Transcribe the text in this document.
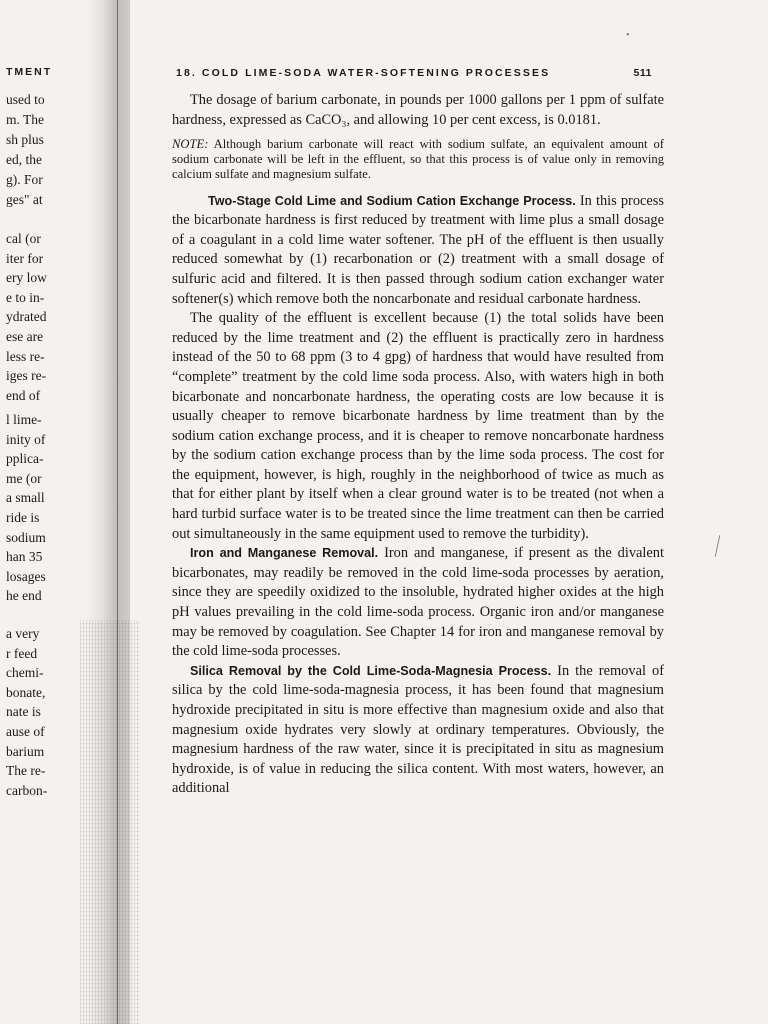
TMENT
used to
m. The
sh plus
ed, the
g). For
ges" at
cal (or
iter for
ery low
e to in-
ydrated
ese are
less re-
iges re-
end of
l lime-
inity of
pplica-
me (or
a small
ride is
sodium
han 35
losages
he end
a very
r feed
chemi-
bonate,
nate is
ause of
barium
The re-
carbon-
•
18. COLD LIME-SODA WATER-SOFTENING PROCESSES	511

The dosage of barium carbonate, in pounds per 1000 gallons per 1 ppm of sulfate hardness, expressed as CaCO₃, and allowing 10 per cent excess, is 0.0181.

NOTE: Although barium carbonate will react with sodium sulfate, an equivalent amount of sodium carbonate will be left in the effluent, so that this process is of value only in removing calcium sulfate and magnesium sulfate.

Two-Stage Cold Lime and Sodium Cation Exchange Process. In this process the bicarbonate hardness is first reduced by treatment with lime plus a small dosage of a coagulant in a cold lime water softener. The pH of the effluent is then usually reduced somewhat by (1) recarbonation or (2) treatment with a small dosage of sulfuric acid and filtered. It is then passed through sodium cation exchanger water softener(s) which remove both the noncarbonate and residual carbonate hardness.

The quality of the effluent is excellent because (1) the total solids have been reduced by the lime treatment and (2) the effluent is practically zero in hardness instead of the 50 to 68 ppm (3 to 4 gpg) of hardness that would have resulted from “complete” treatment by the cold lime soda process. Also, with waters high in both bicarbonate and noncarbonate hardness, the operating costs are low because it is usually cheaper to remove bicarbonate hardness by lime treatment than by the sodium cation exchange process, and it is cheaper to remove noncarbonate hardness by the sodium cation exchange process than by the lime soda process. The cost for the equipment, however, is high, roughly in the neighborhood of twice as much as that for either plant by itself when a clear ground water is to be treated (not when a hard turbid surface water is to be treated since the lime treatment can then be carried out simultaneously in the same equipment used to remove the turbidity).

Iron and Manganese Removal. Iron and manganese, if present as the divalent bicarbonates, may readily be removed in the cold lime-soda processes by aeration, since they are speedily oxidized to the insoluble, hydrated higher oxides at the high pH values prevailing in the cold lime-soda process. Organic iron and/or manganese may be removed by coagulation. See Chapter 14 for iron and manganese removal by the cold lime-soda processes.

Silica Removal by the Cold Lime-Soda-Magnesia Process. In the removal of silica by the cold lime-soda-magnesia process, it has been found that magnesium hydroxide precipitated in situ is more effective than magnesium oxide and also that magnesium oxide hydrates very slowly at ordinary temperatures. Obviously, the magnesium hardness of the raw water, since it is precipitated in situ as magnesium hydroxide, is of value in reducing the silica content. With most waters, however, an additional
